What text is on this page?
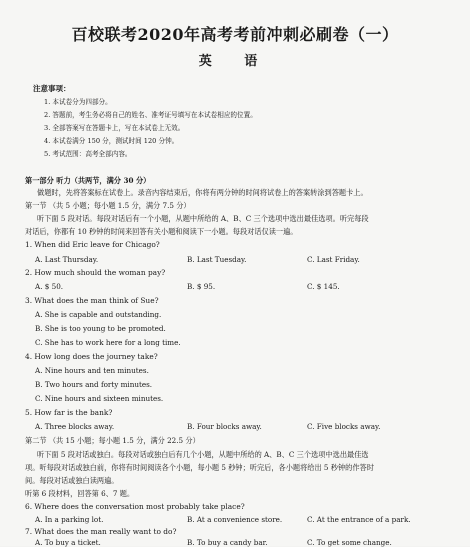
百校联考2020年高考考前冲刺必刷卷（一）
英 语
注意事项：
1. 本试卷分为四部分。
2. 答题前，考生务必将自己的姓名、准考证号填写在本试卷相应的位置。
3. 全部答案写在答题卡上，写在本试卷上无效。
4. 本试卷满分 150 分，测试时间 120 分钟。
5. 考试范围：高考全部内容。
第一部分 听力（共两节，满分 30 分）
做题时，先将答案标在试卷上。录音内容结束后，你将有两分钟的时间将试卷上的答案转涂到答题卡上。
第一节 （共 5 小题；每小题 1.5 分，满分 7.5 分）
听下面 5 段对话。每段对话后有一个小题，从题中所给的 A、B、C 三个选项中选出最佳选项。听完每段
对话后，你都有 10 秒钟的时间来回答有关小题和阅读下一小题。每段对话仅读一遍。
1. When did Eric leave for Chicago?
A. Last Thursday.	B. Last Tuesday.	C. Last Friday.
2. How much should the woman pay?
A. $ 50.	B. $ 95.	C. $ 145.
3. What does the man think of Sue?
A. She is capable and outstanding.
B. She is too young to be promoted.
C. She has to work here for a long time.
4. How long does the journey take?
A. Nine hours and ten minutes.
B. Two hours and forty minutes.
C. Nine hours and sixteen minutes.
5. How far is the bank?
A. Three blocks away.	B. Four blocks away.	C. Five blocks away.
第二节 （共 15 小题；每小题 1.5 分，满分 22.5 分）
听下面 5 段对话或独白。每段对话或独白后有几个小题，从题中所给的 A、B、C 三个选项中选出最佳选
项。听每段对话或独白前，你将有时间阅读各个小题，每小题 5 秒钟；听完后，各小题将给出 5 秒钟的作答时
间。每段对话或独白读两遍。
听第 6 段材料，回答第 6、7 题。
6. Where does the conversation most probably take place?
A. In a parking lot.	B. At a convenience store.	C. At the entrance of a park.
7. What does the man really want to do?
A. To buy a ticket.	B. To buy a candy bar.	C. To get some change.
